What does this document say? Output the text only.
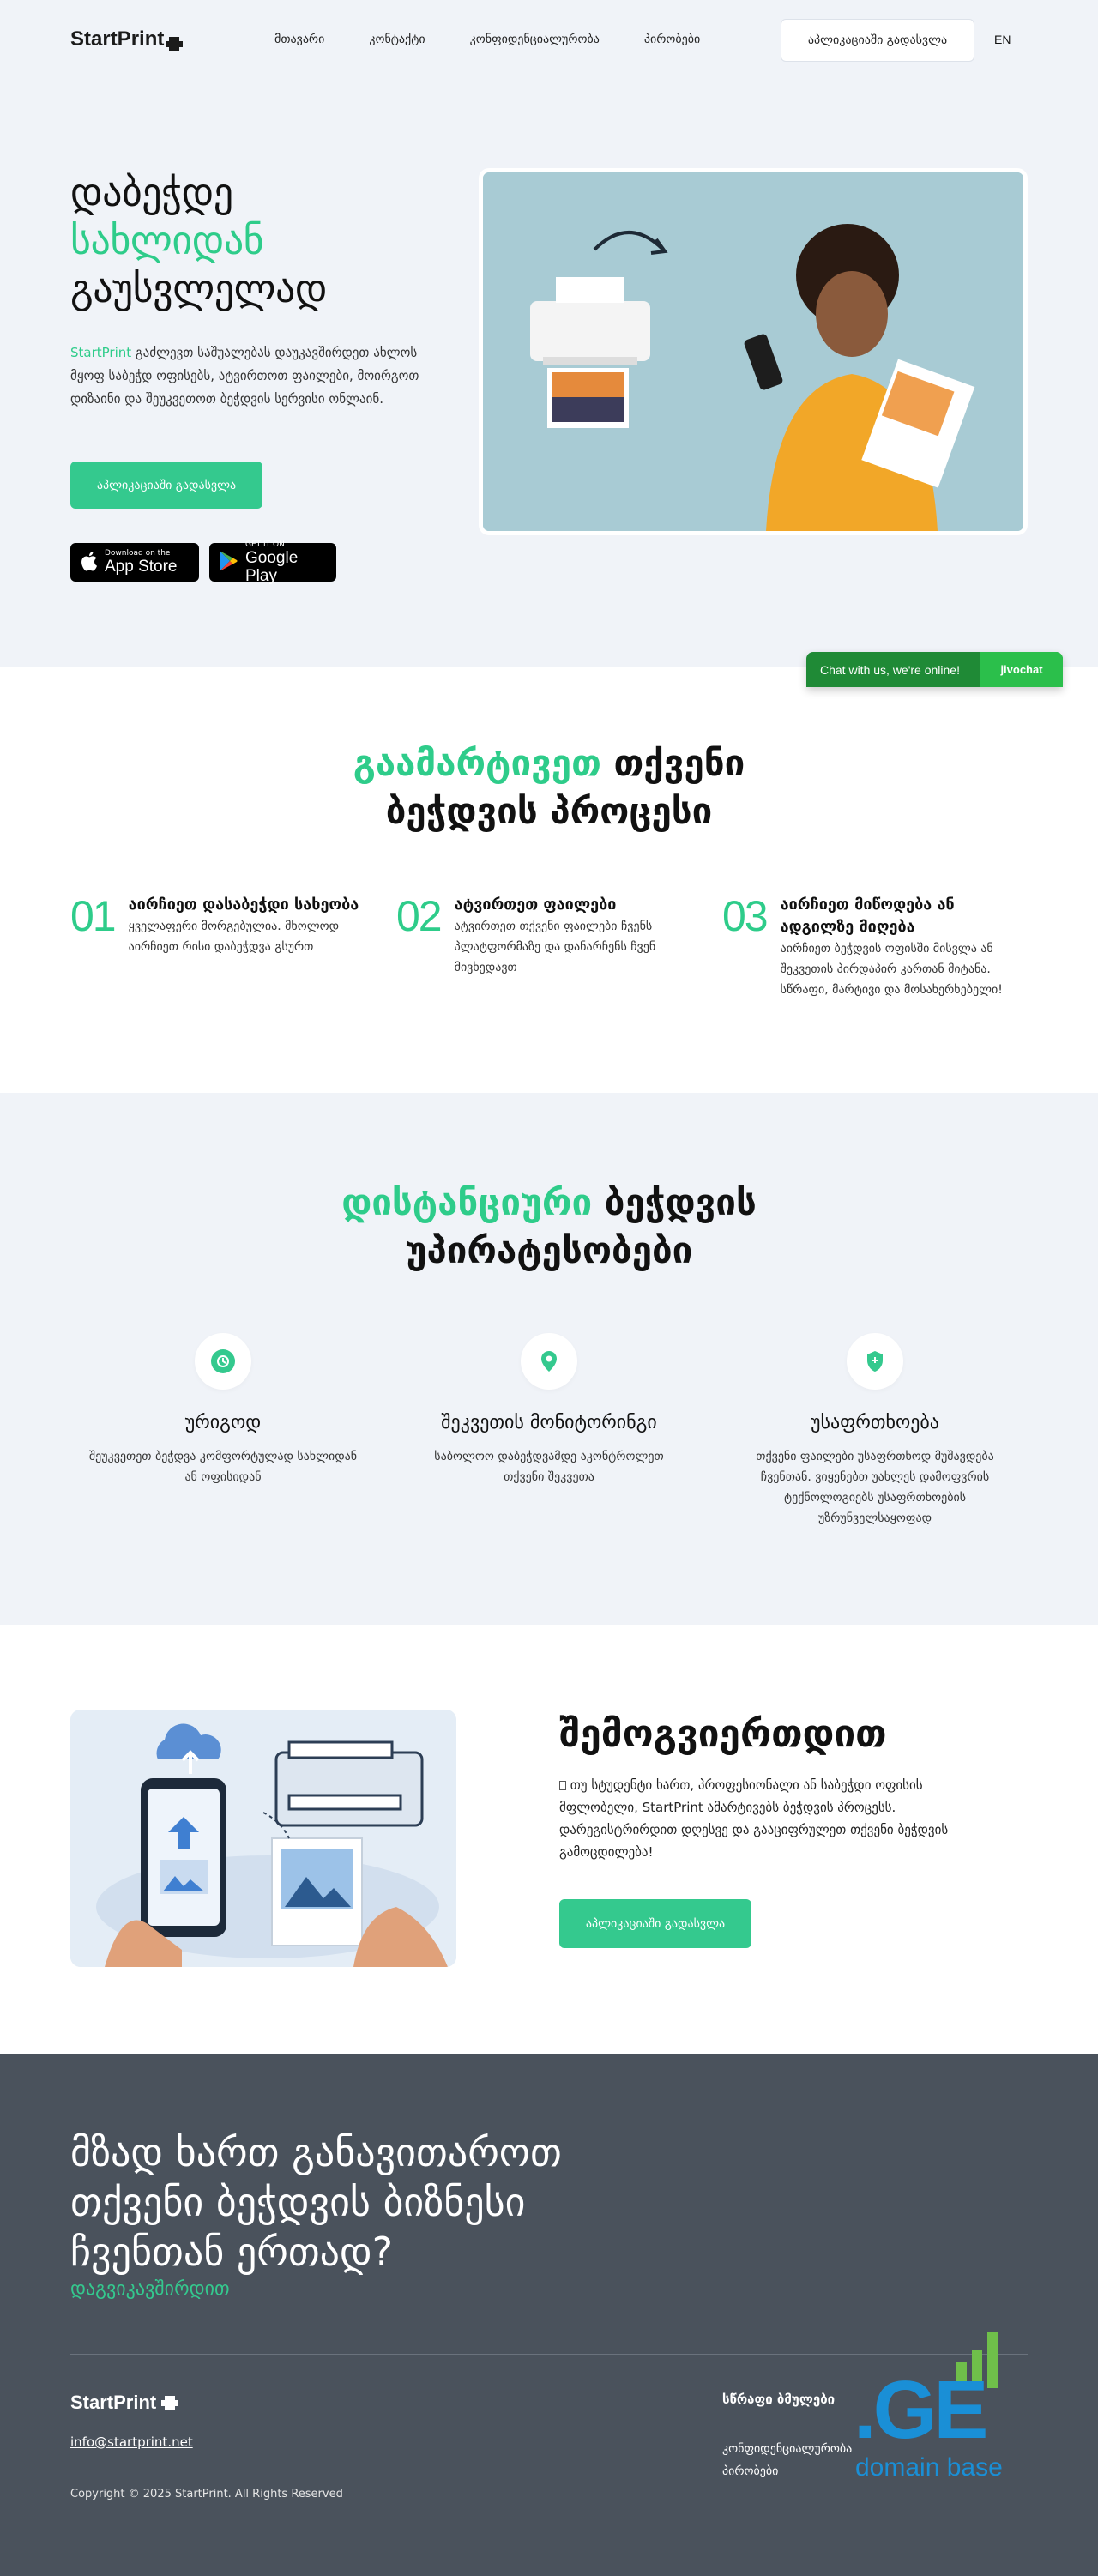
StartPrint	მთავარი	კონტაქტი	კონფიდენციალურობა	პირობები	აპლიკაციაში გადასვლა	EN
დაბეჭდე
სახლიდან
გაუსვლელად

StartPrint გაძლევთ საშუალებას დაუკავშირდეთ ახლოს მყოფ საბეჭდ ოფისებს, ატვირთოთ ფაილები, მოირგოთ დიზაინი და შეუკვეთოთ ბეჭდვის სერვისი ონლაინ.

აპლიკაციაში გადასვლა
Download on the
App Store
GET IT ON
Google Play
Chat with us, we're online!	jivochat
გაამარტივეთ თქვენი
ბეჭდვის პროცესი
01 აირჩიეთ დასაბეჭდი სახეობა

ყველაფერი მორგებულია. მხოლოდ აირჩიეთ რისი დაბეჭდვა გსურთ

02 ატვირთეთ ფაილები

ატვირთეთ თქვენი ფაილები ჩვენს პლატფორმაზე და დანარჩენს ჩვენ მივხედავთ

03 აირჩიეთ მიწოდება ან ადგილზე მიღება

აირჩიეთ ბეჭდვის ოფისში მისვლა ან შეკვეთის პირდაპირ კართან მიტანა. სწრაფი, მარტივი და მოსახერხებელი!

დისტანციური ბეჭდვის
უპირატესობები
ურიგოდ

შეუკვეთეთ ბეჭდვა კომფორტულად სახლიდან ან ოფისიდან

შეკვეთის მონიტორინგი

საბოლოო დაბეჭდვამდე აკონტროლეთ თქვენი შეკვეთა

უსაფრთხოება

თქვენი ფაილები უსაფრთხოდ მუშავდება ჩვენთან. ვიყენებთ უახლეს დამოფვრის ტექნოლოგიებს უსაფრთხოების უზრუნველსაყოფად

შემოგვიერთდით

თუ სტუდენტი ხართ, პროფესიონალი ან საბეჭდი ოფისის მფლობელი, StartPrint ამარტივებს ბეჭდვის პროცესს. დარეგისტრირდით დღესვე და გააციფრულეთ თქვენი ბეჭდვის გამოცდილება!

აპლიკაციაში გადასვლა
მზად ხართ განავითაროთ
თქვენი ბეჭდვის ბიზნესი
ჩვენთან ერთად?
დაგვიკავშირდით
StartPrint
info@startprint.net
Copyright © 2025 StartPrint. All Rights Reserved
სწრაფი ბმულები
კონფიდენციალურობა
პირობები
.GE
domain base
